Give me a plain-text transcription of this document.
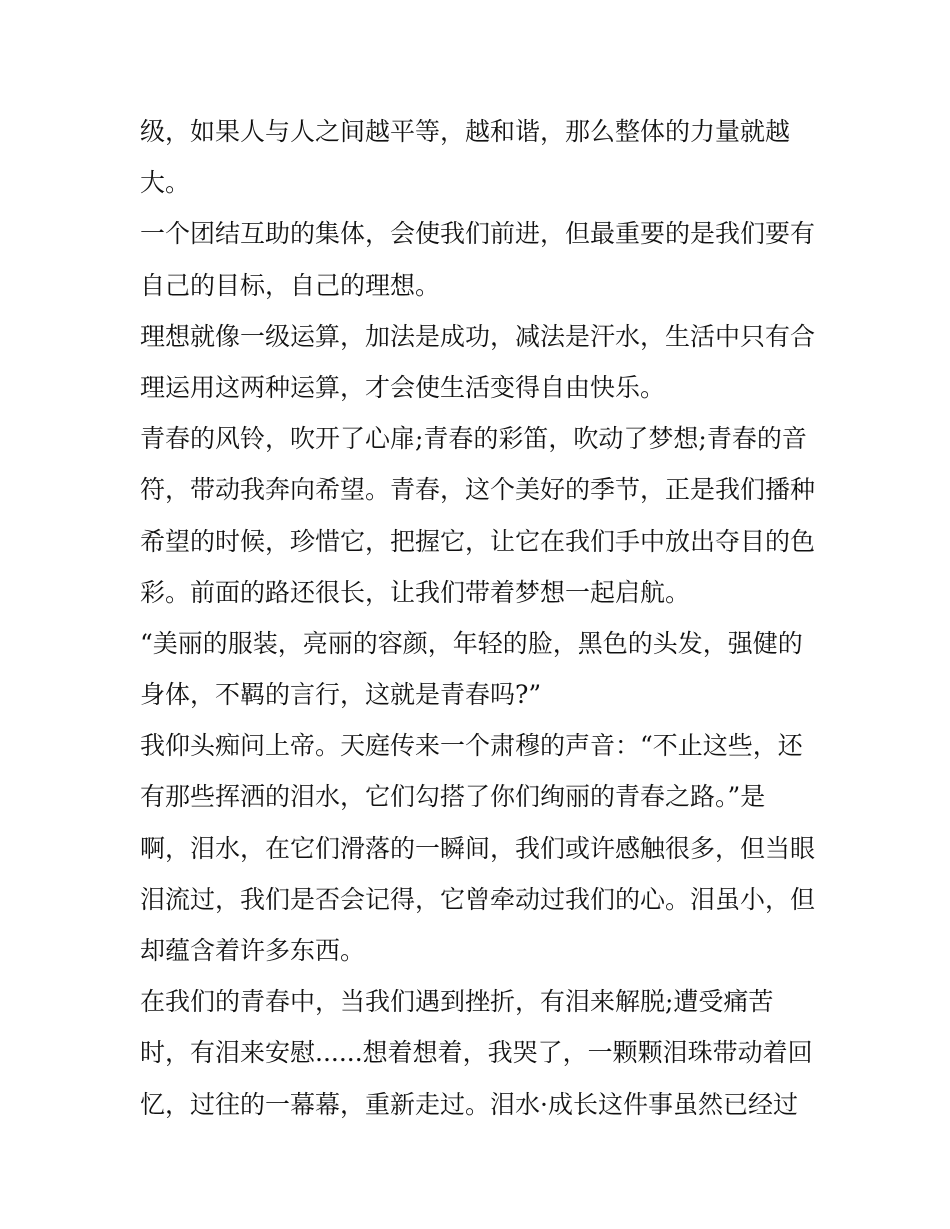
级，如果人与人之间越平等，越和谐，那么整体的力量就越
大。
一个团结互助的集体，会使我们前进，但最重要的是我们要有
自己的目标，自己的理想。
理想就像一级运算，加法是成功，减法是汗水，生活中只有合
理运用这两种运算，才会使生活变得自由快乐。
青春的风铃，吹开了心扉;青春的彩笛，吹动了梦想;青春的音
符，带动我奔向希望。青春，这个美好的季节，正是我们播种
希望的时候，珍惜它，把握它，让它在我们手中放出夺目的色
彩。前面的路还很长，让我们带着梦想一起启航。
“美丽的服装，亮丽的容颜，年轻的脸，黑色的头发，强健的
身体，不羁的言行，这就是青春吗?”
我仰头痴问上帝。天庭传来一个肃穆的声音：“不止这些，还
有那些挥洒的泪水，它们勾搭了你们绚丽的青春之路。”是
啊，泪水，在它们滑落的一瞬间，我们或许感触很多，但当眼
泪流过，我们是否会记得，它曾牵动过我们的心。泪虽小，但
却蕴含着许多东西。
在我们的青春中，当我们遇到挫折，有泪来解脱;遭受痛苦
时，有泪来安慰......想着想着，我哭了，一颗颗泪珠带动着回
忆，过往的一幕幕，重新走过。泪水·成长这件事虽然已经过
